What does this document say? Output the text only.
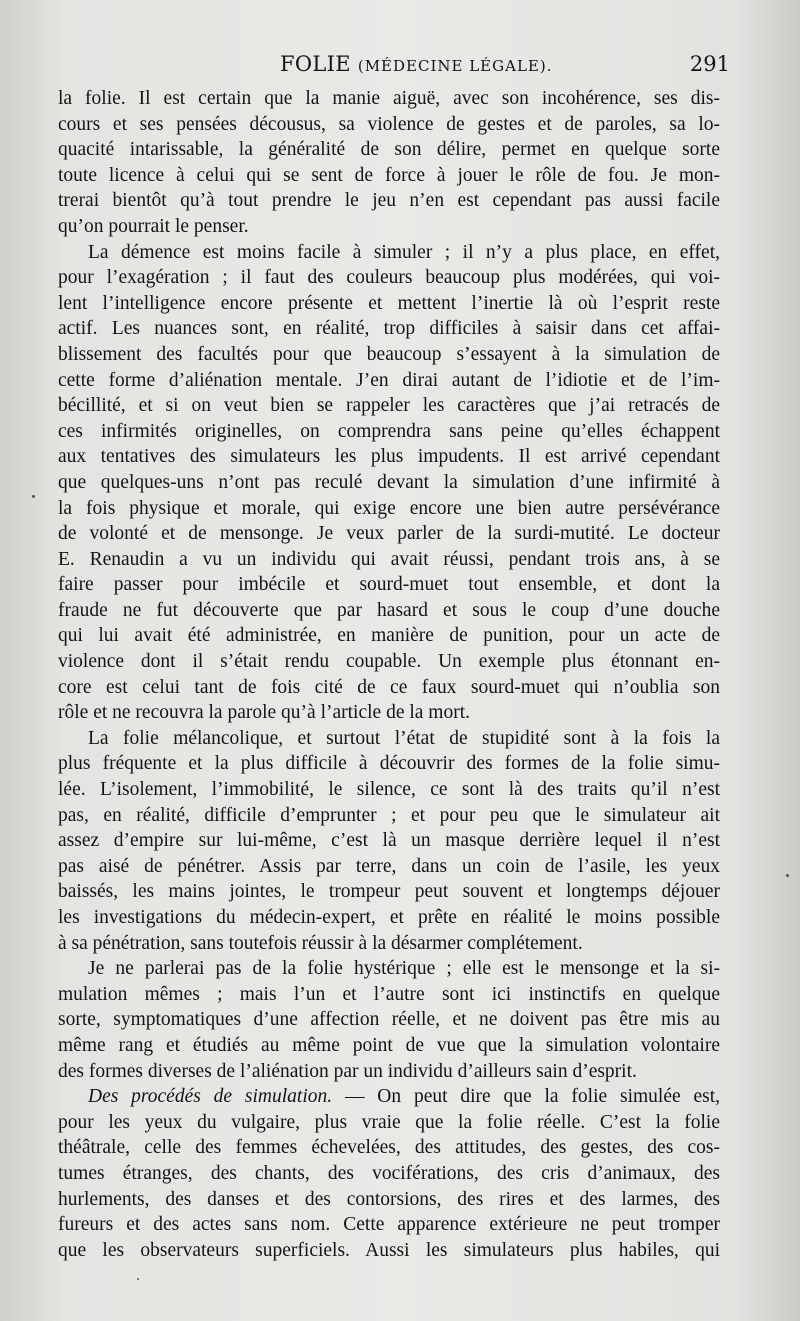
FOLIE (MÉDECINE LÉGALE).	291
la folie. Il est certain que la manie aiguë, avec son incohérence, ses dis-
cours et ses pensées décousus, sa violence de gestes et de paroles, sa lo-
quacité intarissable, la généralité de son délire, permet en quelque sorte
toute licence à celui qui se sent de force à jouer le rôle de fou. Je mon-
trerai bientôt qu’à tout prendre le jeu n’en est cependant pas aussi facile
qu’on pourrait le penser.
La démence est moins facile à simuler ; il n’y a plus place, en effet,
pour l’exagération ; il faut des couleurs beaucoup plus modérées, qui voi-
lent l’intelligence encore présente et mettent l’inertie là où l’esprit reste
actif. Les nuances sont, en réalité, trop difficiles à saisir dans cet affai-
blissement des facultés pour que beaucoup s’essayent à la simulation de
cette forme d’aliénation mentale. J’en dirai autant de l’idiotie et de l’im-
bécillité, et si on veut bien se rappeler les caractères que j’ai retracés de
ces infirmités originelles, on comprendra sans peine qu’elles échappent
aux tentatives des simulateurs les plus impudents. Il est arrivé cependant
que quelques-uns n’ont pas reculé devant la simulation d’une infirmité à
la fois physique et morale, qui exige encore une bien autre persévérance
de volonté et de mensonge. Je veux parler de la surdi-mutité. Le docteur
E. Renaudin a vu un individu qui avait réussi, pendant trois ans, à se
faire passer pour imbécile et sourd-muet tout ensemble, et dont la
fraude ne fut découverte que par hasard et sous le coup d’une douche
qui lui avait été administrée, en manière de punition, pour un acte de
violence dont il s’était rendu coupable. Un exemple plus étonnant en-
core est celui tant de fois cité de ce faux sourd-muet qui n’oublia son
rôle et ne recouvra la parole qu’à l’article de la mort.
La folie mélancolique, et surtout l’état de stupidité sont à la fois la
plus fréquente et la plus difficile à découvrir des formes de la folie simu-
lée. L’isolement, l’immobilité, le silence, ce sont là des traits qu’il n’est
pas, en réalité, difficile d’emprunter ; et pour peu que le simulateur ait
assez d’empire sur lui-même, c’est là un masque derrière lequel il n’est
pas aisé de pénétrer. Assis par terre, dans un coin de l’asile, les yeux
baissés, les mains jointes, le trompeur peut souvent et longtemps déjouer
les investigations du médecin-expert, et prête en réalité le moins possible
à sa pénétration, sans toutefois réussir à la désarmer complétement.
Je ne parlerai pas de la folie hystérique ; elle est le mensonge et la si-
mulation mêmes ; mais l’un et l’autre sont ici instinctifs en quelque
sorte, symptomatiques d’une affection réelle, et ne doivent pas être mis au
même rang et étudiés au même point de vue que la simulation volontaire
des formes diverses de l’aliénation par un individu d’ailleurs sain d’esprit.
Des procédés de simulation. — On peut dire que la folie simulée est,
pour les yeux du vulgaire, plus vraie que la folie réelle. C’est la folie
théâtrale, celle des femmes échevelées, des attitudes, des gestes, des cos-
tumes étranges, des chants, des vociférations, des cris d’animaux, des
hurlements, des danses et des contorsions, des rires et des larmes, des
fureurs et des actes sans nom. Cette apparence extérieure ne peut tromper
que les observateurs superficiels. Aussi les simulateurs plus habiles, qui
